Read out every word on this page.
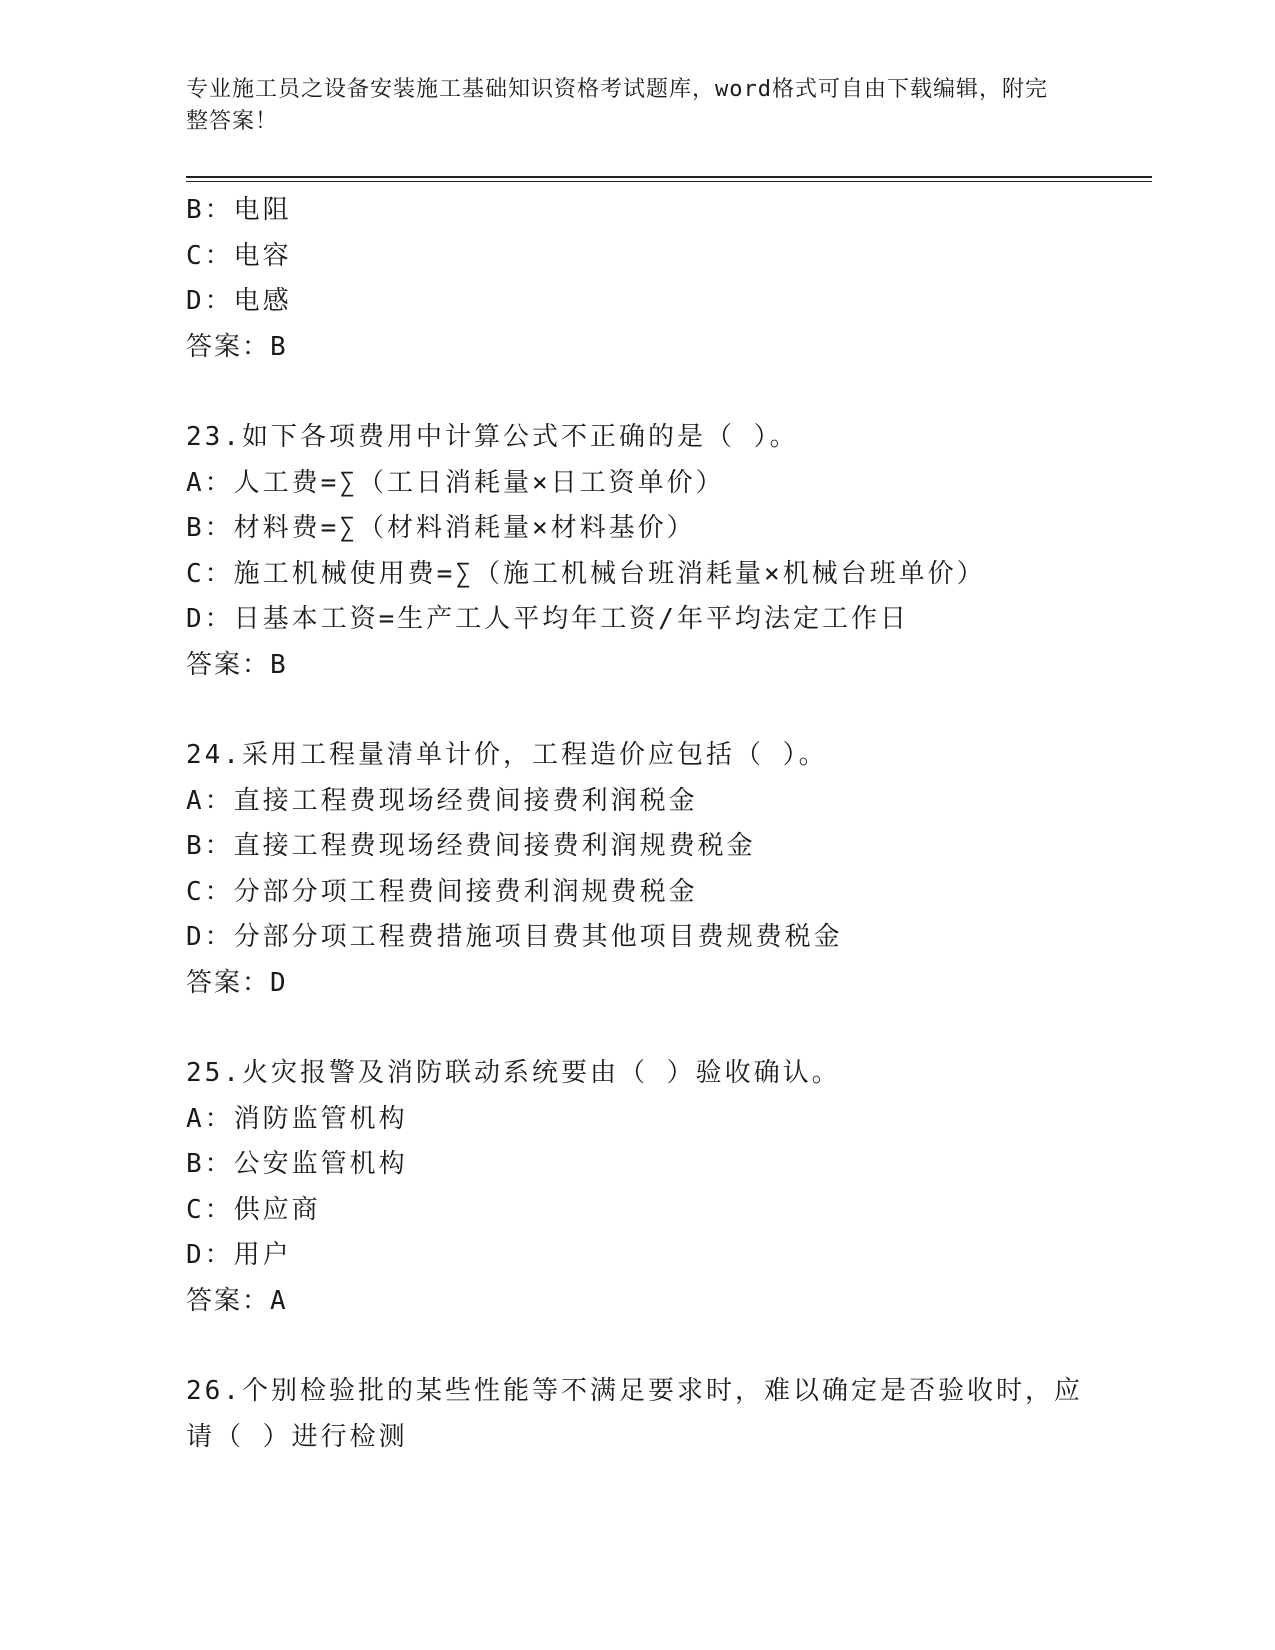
专业施工员之设备安装施工基础知识资格考试题库，word格式可自由下载编辑，附完整答案！
B：电阻
C：电容
D：电感
答案：B
23.如下各项费用中计算公式不正确的是（ ）。
A：人工费=∑（工日消耗量×日工资单价）
B：材料费=∑（材料消耗量×材料基价）
C：施工机械使用费=∑（施工机械台班消耗量×机械台班单价）
D：日基本工资=生产工人平均年工资/年平均法定工作日
答案：B
24.采用工程量清单计价，工程造价应包括（ ）。
A：直接工程费现场经费间接费利润税金
B：直接工程费现场经费间接费利润规费税金
C：分部分项工程费间接费利润规费税金
D：分部分项工程费措施项目费其他项目费规费税金
答案：D
25.火灾报警及消防联动系统要由（ ）验收确认。
A：消防监管机构
B：公安监管机构
C：供应商
D：用户
答案：A
26.个别检验批的某些性能等不满足要求时，难以确定是否验收时，应请（ ）进行检测
